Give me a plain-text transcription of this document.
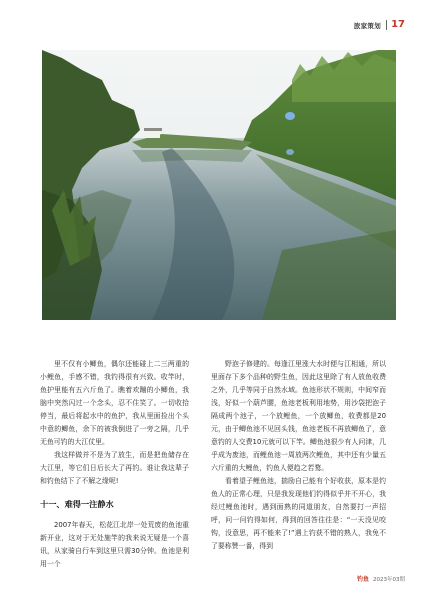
旅家策划 17

里不仅有小鲫鱼，偶尔还能碰上二三两重的小鲤鱼，手感不错，我钓得很有兴致。收竿时，鱼护里能有五六斤鱼了。瞧着欢蹦的小鲫鱼，我脑中突然闪过一个念头，忍不住笑了。一切收拾停当，最后将起水中的鱼护，我从里面捡出个头中意的鲫鱼，余下的被我倒进了一旁之隔，几乎无鱼可钓的大江仗里。

我这样做并不是为了放生，而是把鱼储存在大江里，等它们日后长大了再钓。谁让我这辈子和钓鱼结下了不解之缘呢!

十一、难得一注静水

2007年春天，松花江北岸一处荒废的鱼池重新开业，这对于无处施竿的我来说无疑是一个喜讯，从家骑自行车到这里只需30分钟。鱼池是利用一个

野泡子修建的。每逢江里涨大水时便与江相通，所以里面存下多个品种的野生鱼，因此这里除了有人放鱼收费之外，几乎等同于自然水域。鱼池形状不规则，中间窄而浅，好似一个葫芦腰，鱼池老板利用地势，用沙袋把泡子隔成两个池子，一个放鲤鱼，一个放鲫鱼，收费都是20元，由于鲫鱼池不见回头钱，鱼池老板不再放鲫鱼了，意意钓的人交费10元就可以下竿。鲫鱼池很少有人问津，几乎成为废池，而鲤鱼池一周放两次鲤鱼，其中还有少量五六斤重的大鲤鱼，钓鱼人便趋之若鹜。

看着望子鲤鱼池，揣励自己能有个好收获，原本是钓鱼人的正常心理，只是我发现他们钓得似乎并不开心，我经过鲤鱼池时，遇到面熟的同道朋友，自然要打一声招呼，问一问钓得如何，得到的回答往往是：“一天没见咬钩，没意思，再不能来了!”遇上钓获不错的熟人，我免不了要称赞一番，得到

钓鱼 2023年03期
